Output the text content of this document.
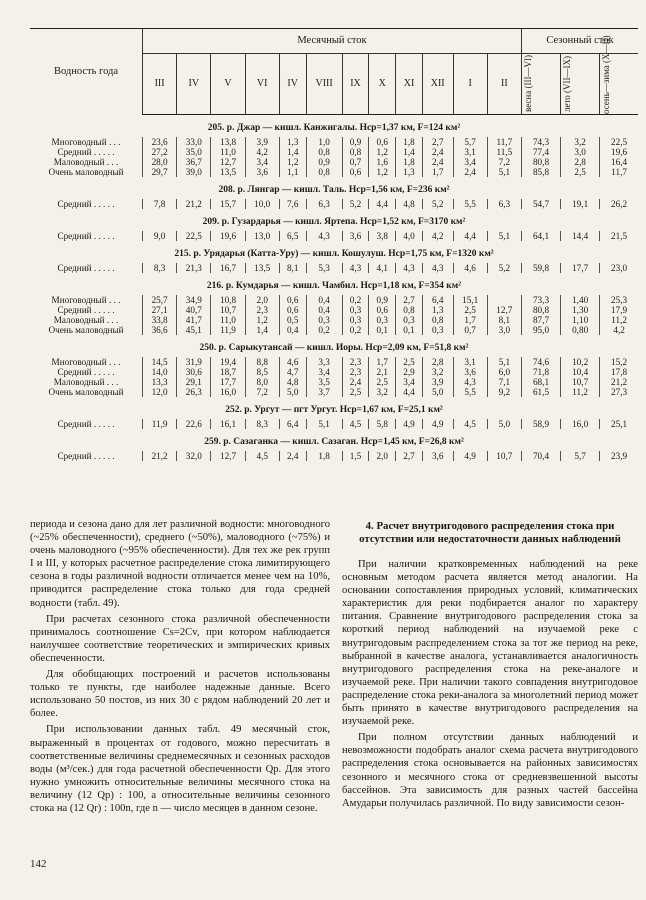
Водность года	Месячный сток												Сезонный сток		
	III	IV	V	VI	IV	VIII	IX	X	XI	XII	I	II	весна (III—VI)	лето (VII—IX)	осень—зима (X—II)

205. р. Джар — кишл. Канжигалы. Hср=1,37 км, F=124 км²															
Многоводный . . .	23,6	33,0	13,8	3,9	1,3	1,0	0,9	0,6	1,8	2,7	5,7	11,7	74,3	3,2	22,5
Средний . . . . .	27,2	35,0	11,0	4,2	1,4	0,8	0,8	1,2	1,4	2,4	3,1	11,5	77,4	3,0	19,6
Маловодный . . .	28,0	36,7	12,7	3,4	1,2	0,9	0,7	1,6	1,8	2,4	3,4	7,2	80,8	2,8	16,4
Очень маловодный	29,7	39,0	13,5	3,6	1,1	0,8	0,6	1,2	1,3	1,7	2,4	5,1	85,8	2,5	11,7
208. р. Лянгар — кишл. Таль. Hср=1,56 км, F=236 км²															
Средний . . . . .	7,8	21,2	15,7	10,0	7,6	6,3	5,2	4,4	4,8	5,2	5,5	6,3	54,7	19,1	26,2
209. р. Гузардарья — кишл. Яртепа. Hср=1,52 км, F=3170 км²															
Средний . . . . .	9,0	22,5	19,6	13,0	6,5	4,3	3,6	3,8	4,0	4,2	4,4	5,1	64,1	14,4	21,5
215. р. Урядарья (Катта-Уру) — кишл. Кошулуш. Hср=1,75 км, F=1320 км²															
Средний . . . . .	8,3	21,3	16,7	13,5	8,1	5,3	4,3	4,1	4,3	4,3	4,6	5,2	59,8	17,7	23,0
216. р. Кумдарья — кишл. Чамбил. Hср=1,18 км, F=354 км²															
Многоводный . . .	25,7	34,9	10,8	2,0	0,6	0,4	0,2	0,9	2,7	6,4	15,1		73,3	1,40	25,3
Средний . . . . .	27,1	40,7	10,7	2,3	0,6	0,4	0,3	0,6	0,8	1,3	2,5	12,7	80,8	1,30	17,9
Маловодный . . .	33,8	41,7	11,0	1,2	0,5	0,3	0,3	0,3	0,3	0,8	1,7	8,1	87,7	1,10	11,2
Очень маловодный	36,6	45,1	11,9	1,4	0,4	0,2	0,2	0,1	0,1	0,3	0,7	3,0	95,0	0,80	4,2
250. р. Сарыкутансай — кишл. Иоры. Hср=2,09 км, F=51,8 км²															
Многоводный . . .	14,5	31,9	19,4	8,8	4,6	3,3	2,3	1,7	2,5	2,8	3,1	5,1	74,6	10,2	15,2
Средний . . . . .	14,0	30,6	18,7	8,5	4,7	3,4	2,3	2,1	2,9	3,2	3,6	6,0	71,8	10,4	17,8
Маловодный . . .	13,3	29,1	17,7	8,0	4,8	3,5	2,4	2,5	3,4	3,9	4,3	7,1	68,1	10,7	21,2
Очень маловодный	12,0	26,3	16,0	7,2	5,0	3,7	2,5	3,2	4,4	5,0	5,5	9,2	61,5	11,2	27,3
252. р. Ургут — пгт Ургут. Hср=1,67 км, F=25,1 км²															
Средний . . . . .	11,9	22,6	16,1	8,3	6,4	5,1	4,5	5,8	4,9	4,9	4,5	5,0	58,9	16,0	25,1
259. р. Сазаганка — кишл. Сазаган. Hср=1,45 км, F=26,8 км²															
Средний . . . . .	21,2	32,0	12,7	4,5	2,4	1,8	1,5	2,0	2,7	3,6	4,9	10,7	70,4	5,7	23,9

периода и сезона дано для лет различной водности: многоводного (~25% обеспеченности), среднего (~50%), маловодного (~75%) и очень маловодного (~95% обеспеченности). Для тех же рек групп I и III, у которых расчетное распределение стока лимитирующего сезона в годы различной водности отличается менее чем на 10%, приводится распределение стока только для года средней водности (табл. 49).

При расчетах сезонного стока различной обеспеченности принималось соотношение Cs=2Cv, при котором наблюдается наилучшее соответствие теоретических и эмпирических кривых обеспеченности.

Для обобщающих построений и расчетов использованы только те пункты, где наиболее надежные данные. Всего использовано 50 постов, из них 30 с рядом наблюдений 20 лет и более.

При использовании данных табл. 49 месячный сток, выраженный в процентах от годового, можно пересчитать в соответственные величины среднемесячных и сезонных расходов воды (м³/сек.) для года расчетной обеспеченности Qp. Для этого нужно умножить относительные величины месячного стока на величину (12 Qp) : 100, а относительные величины сезонного стока на (12 Qr) : 100n, где n — число месяцев в данном сезоне.

4. Расчет внутригодового распределения стока при отсутствии или недостаточности данных наблюдений

При наличии кратковременных наблюдений на реке основным методом расчета является метод аналогии. На основании сопоставления природных условий, климатических характеристик для реки подбирается аналог по характеру питания. Сравнение внутригодового распределения стока за короткий период наблюдений на изучаемой реке с внутригодовым распределением стока за тот же период на реке, выбранной в качестве аналога, устанавливается аналогичность внутригодового распределения стока на реке-аналоге и изучаемой реке. При наличии такого совпадения внутригодовое распределение стока реки-аналога за многолетний период может быть принято в качестве внутригодового распределения на изучаемой реке.

При полном отсутствии данных наблюдений и невозможности подобрать аналог схема расчета внутригодового распределения стока основывается на районных зависимостях сезонного и месячного стока от средневзвешенной высоты бассейнов. Эта зависимость для разных частей бассейна Амударьи получилась различной. По виду зависимости сезон-

142
